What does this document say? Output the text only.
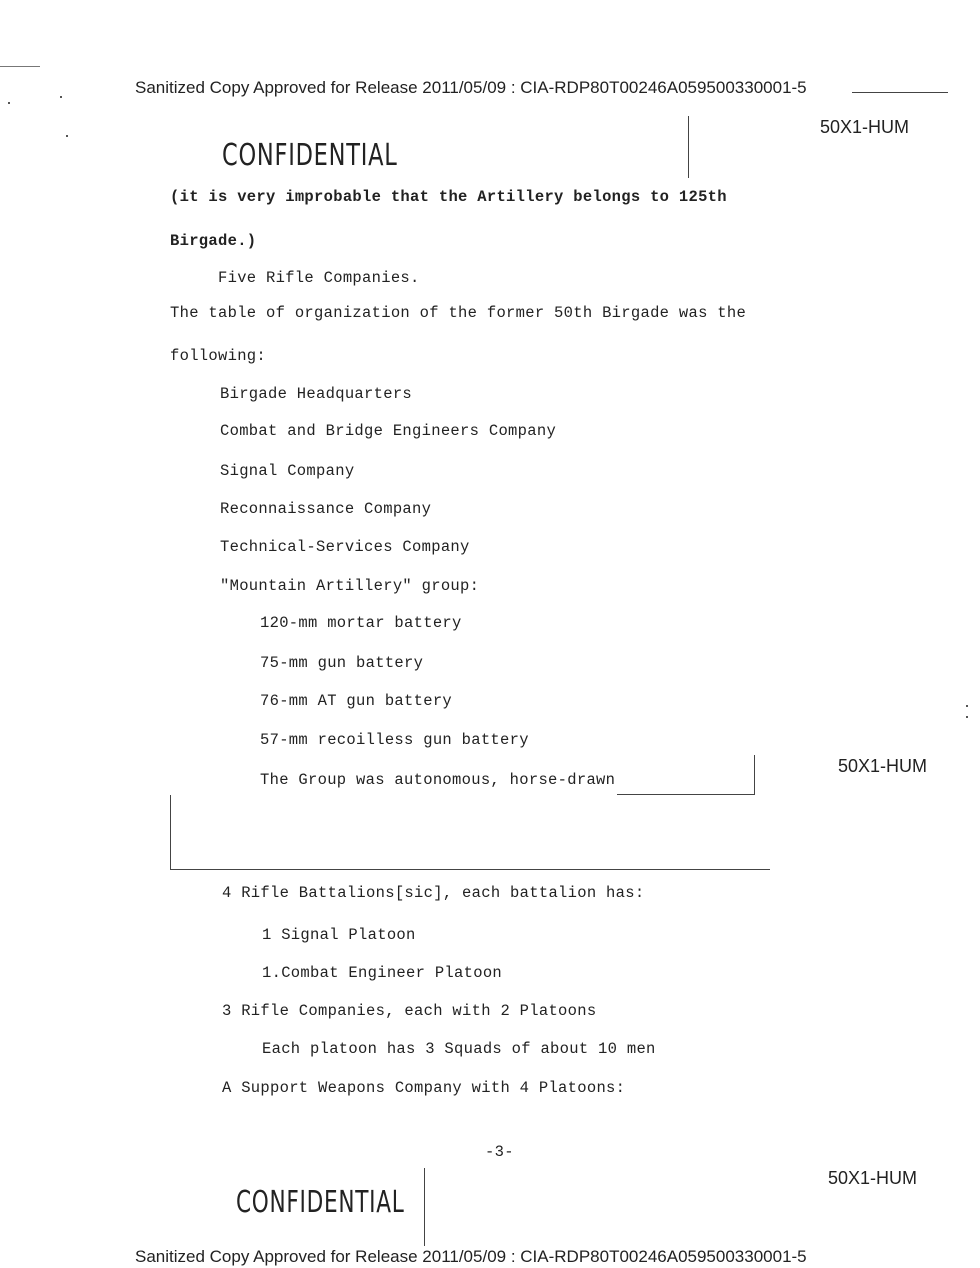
Sanitized Copy Approved for Release 2011/05/09 : CIA-RDP80T00246A059500330001-5
50X1-HUM
CONFIDENTIAL
(it is very improbable that the Artillery belongs to 125th
Birgade.)
Five Rifle Companies.
The table of organization of the former 50th Birgade was the
following:
Birgade Headquarters
Combat and Bridge Engineers Company
Signal Company
Reconnaissance Company
Technical-Services Company
"Mountain Artillery" group:
120-mm mortar battery
75-mm gun battery
76-mm AT gun battery
57-mm recoilless gun battery
The Group was autonomous, horse-drawn
50X1-HUM
4 Rifle Battalions[sic], each battalion has:
1 Signal Platoon
1.Combat Engineer Platoon
3 Rifle Companies, each with 2 Platoons
Each platoon has 3 Squads of about 10 men
A Support Weapons Company with 4 Platoons:
-3-
50X1-HUM
CONFIDENTIAL
Sanitized Copy Approved for Release 2011/05/09 : CIA-RDP80T00246A059500330001-5
